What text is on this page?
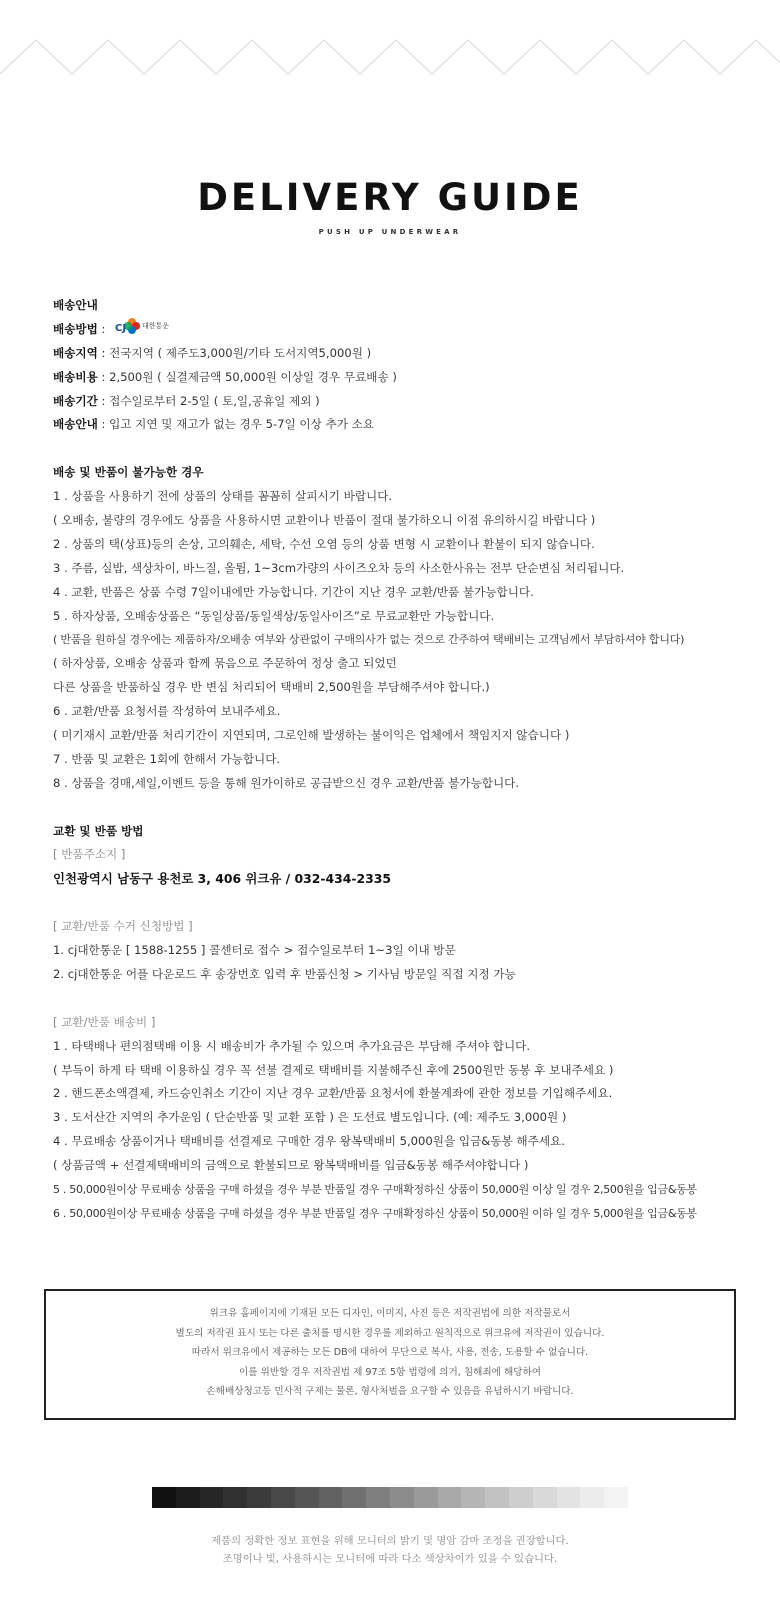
DELIVERY GUIDE
PUSH UP UNDERWEAR
배송안내
배송방법 : CJ 대한통운
······
배송지역 : 전국지역 ( 제주도3,000원/기타 도서지역5,000원 )
배송비용 : 2,500원 ( 실결제금액 50,000원 이상일 경우 무료배송 )
배송기간 : 접수일로부터 2-5일 ( 토,일,공휴일 제외 )
배송안내 : 입고 지연 및 재고가 없는 경우 5-7일 이상 추가 소요
배송 및 반품이 불가능한 경우
1 . 상품을 사용하기 전에 상품의 상태를 꼼꼼히 살피시기 바랍니다.
( 오배송, 불량의 경우에도 상품을 사용하시면 교환이나 반품이 절대 불가하오니 이점 유의하시길 바랍니다 )
2 . 상품의 택(상표)등의 손상, 고의훼손, 세탁, 수선 오염 등의 상품 변형 시 교환이나 환불이 되지 않습니다.
3 . 주름, 실밥, 색상차이, 바느질, 올튐, 1~3cm가량의 사이즈오차 등의 사소한사유는 전부 단순변심 처리됩니다.
4 . 교환, 반품은 상품 수령 7일이내에만 가능합니다. 기간이 지난 경우 교환/반품 불가능합니다.
5 . 하자상품, 오배송상품은 “동일상품/동일색상/동일사이즈”로 무료교환만 가능합니다.
( 반품을 원하실 경우에는 제품하자/오배송 여부와 상관없이 구매의사가 없는 것으로 간주하여 택배비는 고객님께서 부담하셔야 합니다)
( 하자상품, 오배송 상품과 함께 묶음으로 주문하여 정상 출고 되었던
다른 상품을 반품하실 경우 반 변심 처리되어 택배비 2,500원을 부담해주셔야 합니다.)
6 . 교환/반품 요청서를 작성하여 보내주세요.
( 미기재시 교환/반품 처리기간이 지연되며, 그로인해 발생하는 불이익은 업체에서 책임지지 않습니다 )
7 . 반품 및 교환은 1회에 한해서 가능합니다.
8 . 상품을 경매,세일,이벤트 등을 통해 원가이하로 공급받으신 경우 교환/반품 불가능합니다.
교환 및 반품 방법
[ 반품주소지 ]
인천광역시 남동구 용천로 3, 406 위크유 / 032-434-2335
[ 교환/반품 수거 신청방법 ]
1. cj대한통운 [ 1588-1255 ] 콜센터로 접수 > 접수일로부터 1~3일 이내 방문
2. cj대한통운 어플 다운로드 후 송장번호 입력 후 반품신청 > 기사님 방문일 직접 지정 가능
[ 교환/반품 배송비 ]
1 . 타택배나 편의점택배 이용 시 배송비가 추가될 수 있으며 추가요금은 부담해 주셔야 합니다.
( 부득이 하게 타 택배 이용하실 경우 꼭 선불 결제로 택배비를 지불해주신 후에 2500원만 동봉 후 보내주세요 )
2 . 핸드폰소액결제, 카드승인취소 기간이 지난 경우 교환/반품 요청서에 환불계좌에 관한 정보를 기입해주세요.
3 . 도서산간 지역의 추가운임 ( 단순반품 및 교환 포함 ) 은 도선료 별도입니다. (예: 제주도 3,000원 )
4 . 무료배송 상품이거나 택배비를 선결제로 구매한 경우 왕복택배비 5,000원을 입금&동봉 해주세요.
( 상품금액 + 선결제택배비의 금액으로 환불되므로 왕복택배비를 입금&동봉 해주셔야합니다 )
5 . 50,000원이상 무료배송 상품을 구매 하셨을 경우 부분 반품일 경우 구매확정하신 상품이 50,000원 이상 일 경우 2,500원을 입금&동봉
6 . 50,000원이상 무료배송 상품을 구매 하셨을 경우 부분 반품일 경우 구매확정하신 상품이 50,000원 이하 일 경우 5,000원을 입금&동봉
위크유 홈페이지에 기재된 모든 디자인, 이미지, 사진 등은 저작권법에 의한 저작물로서
별도의 저작권 표시 또는 다른 출처를 명시한 경우를 제외하고 원칙적으로 위크유에 저작권이 있습니다.
따라서 위크유에서 제공하는 모든 DB에 대하여 무단으로 복사, 사용, 전송, 도용할 수 없습니다.
이를 위반할 경우 저작권법 제 97조 5항 법령에 의거, 침해죄에 해당하여
손해배상청고등 민사적 구제는 물론, 형사처벌을 요구할 수 있음을 유념하시기 바랍니다.
제품의 정확한 정보 표현을 위해 모니터의 밝기 및 명암 감마 조정을 권장합니다.
조명이나 빛, 사용하시는 모니터에 따라 다소 색상차이가 있을 수 있습니다.
